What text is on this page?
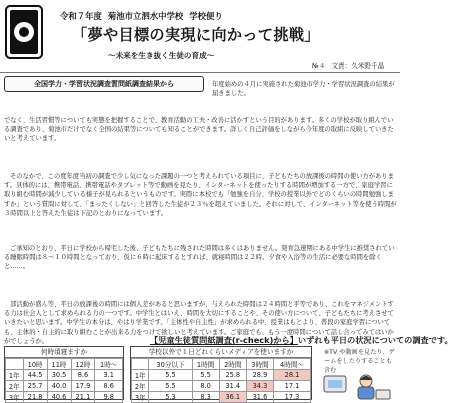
令和７年度 菊池市立泗水中学校 学校便り
「夢や目標の実現に向かって挑戦」
～未来を生き抜く生徒の育成～
№４ 文責：久米野千晶
全国学力・学習状況調査質問紙調査結果から	年度始めの４月に実施された菊池市学力・学習状況調査の結果が届きました。
でなく、生活習慣等についても実態を把握することで、教育活動の工夫・改善に活かすという目的があります。多くの学校が取り組んでいる調査であり、菊池市だけでなく全国の結果等についても知ることができます。詳しく自己評価をしながら今年度の取組に反映していきたいと考えています。
そのなかで、この度年度当初の調査で少し気になった課題の一つと考えられている項目に、子どもたちの放課後の時間の使い方があります。具体的には、携帯電話、携帯電話やタブレット等で動画を見たり、インターネットを使ったりする時間が増加する一方で、家庭学習に取り組む時間が減少している様子が見られるというものです。実際に本校でも「勉強を自分、学校の授業以外でどのくらいの時間勉強しますか」という質問に対して、「まったくしない」と回答した生徒が２３％を超えていました。それに対して、インターネット等を使う時間が３時間以上と答えた生徒は下記のとおりになっています。
ご承知のとおり、平日に学校から帰宅した後、子どもたちに残された時間は多くはありません。発育急速期にある中学生に推奨されている睡眠時間は８～１０時間となっており、仮に６時に起床するとすれば、就寝時間は２２時。夕食や入浴等の生活に必要な時間を除くと……。
部活動が盛ん等、平日の放課後の時間には個人差があると思いますが、与えられた時間は２４時間と平等であり、これをマネジメントする力は社会人として求められる力の一つです。中学生とはいえ、時間を大切にすることや、その使い方について、子どもたちに考えさせていきたいと思います。中学生の本分は、やはり学業です。「主体性や自主性」が求められる中、授業はもとより、普段の家庭学習についても、主体的・自主的に取り組むことが出来る力をつけて欲しいと考えています。ご家庭でも、もう一度時間について話し合ってみてはいかがでしょうか。	【児童生徒質問紙調査(r-check)から】いずれも平日の状況についての調査です。
何時頃寝ますか
	10時	11時	12時	1時～
1年	44.5	30.5	8.6	3.1
2年	25.7	40.0	17.9	8.6
3年	21.8	40.6	21.1	9.8
学校以外で１日どれくらいメディアを使いますか
	30分以下	1時間	2時間	3時間	4時間～
1年	5.5	5.5	25.8	28.9	28.1
2年	5.5	8.0	31.4	34.3	17.1
3年	5.3	8.3	36.1	31.6	17.3
※TV や動画を見たり、ゲームをしたりすることも含む
